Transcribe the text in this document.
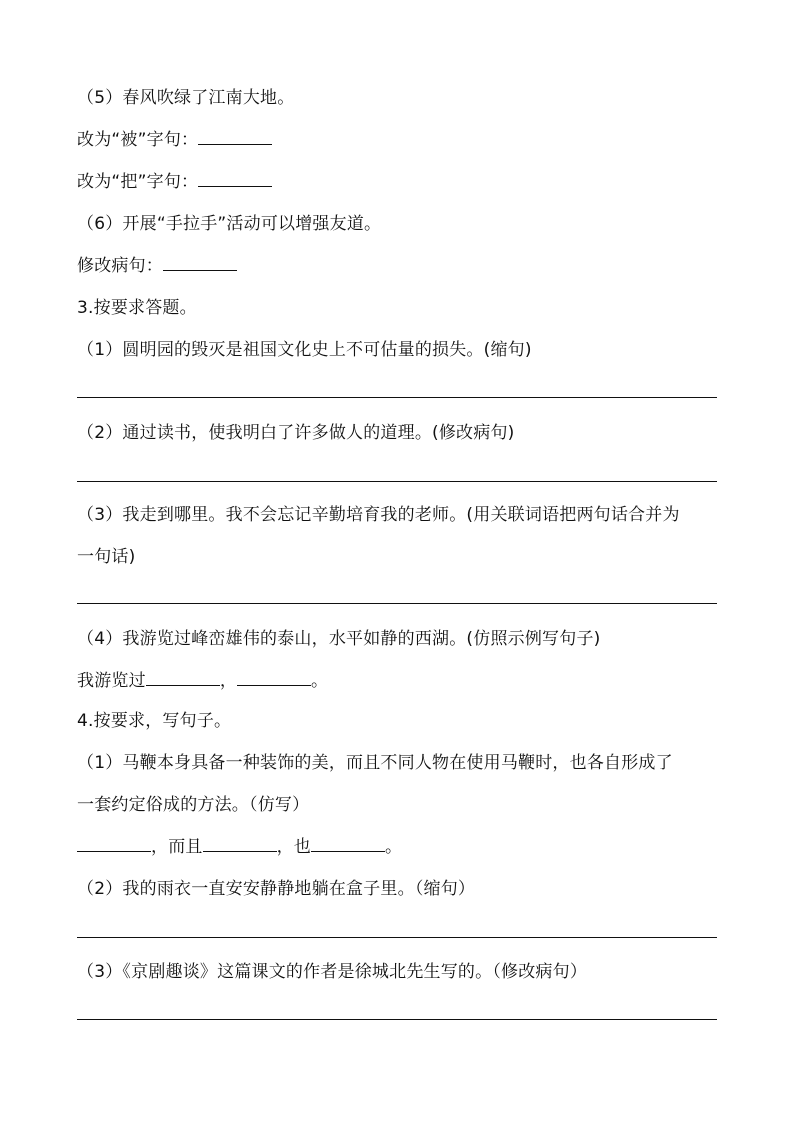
（5）春风吹绿了江南大地。
改为“被”字句：
改为“把”字句：
（6）开展“手拉手”活动可以增强友道。
修改病句：
3.按要求答题。
（1）圆明园的毁灭是祖国文化史上不可估量的损失。(缩句)
（2）通过读书，使我明白了许多做人的道理。(修改病句)
（3）我走到哪里。我不会忘记辛勤培育我的老师。(用关联词语把两句话合并为
一句话)
（4）我游览过峰峦雄伟的泰山，水平如静的西湖。(仿照示例写句子)
我游览过	，	。
4.按要求，写句子。
（1）马鞭本身具备一种装饰的美，而且不同人物在使用马鞭时，也各自形成了
一套约定俗成的方法。（仿写）
，而且	，也	。
（2）我的雨衣一直安安静静地躺在盒子里。（缩句）
（3）《京剧趣谈》这篇课文的作者是徐城北先生写的。（修改病句）
